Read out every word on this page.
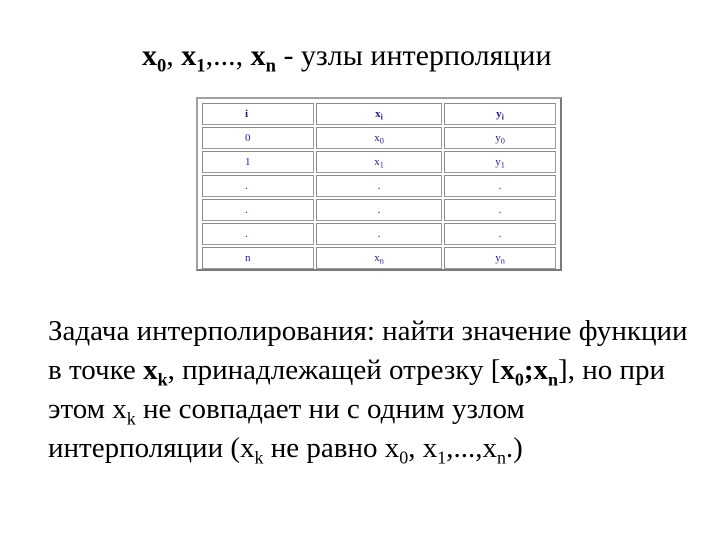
$x_0$, $x_1$,..., $x_n$ - узлы интерполяции
i	$x_i$	$y_i$
0	$x_0$	$y_0$
1	$x_1$	$y_1$
.	.	.
.	.	.
.	.	.
n	$x_n$	$y_n$
Задача интерполирования: найти значение функции в точке $x_k$, принадлежащей отрезку $[x_0;x_n]$, но при этом $x_k$ не совпадает ни с одним узлом интерполяции ($x_k$ не равно $x_0$, $x_1,...,x_n$.)
